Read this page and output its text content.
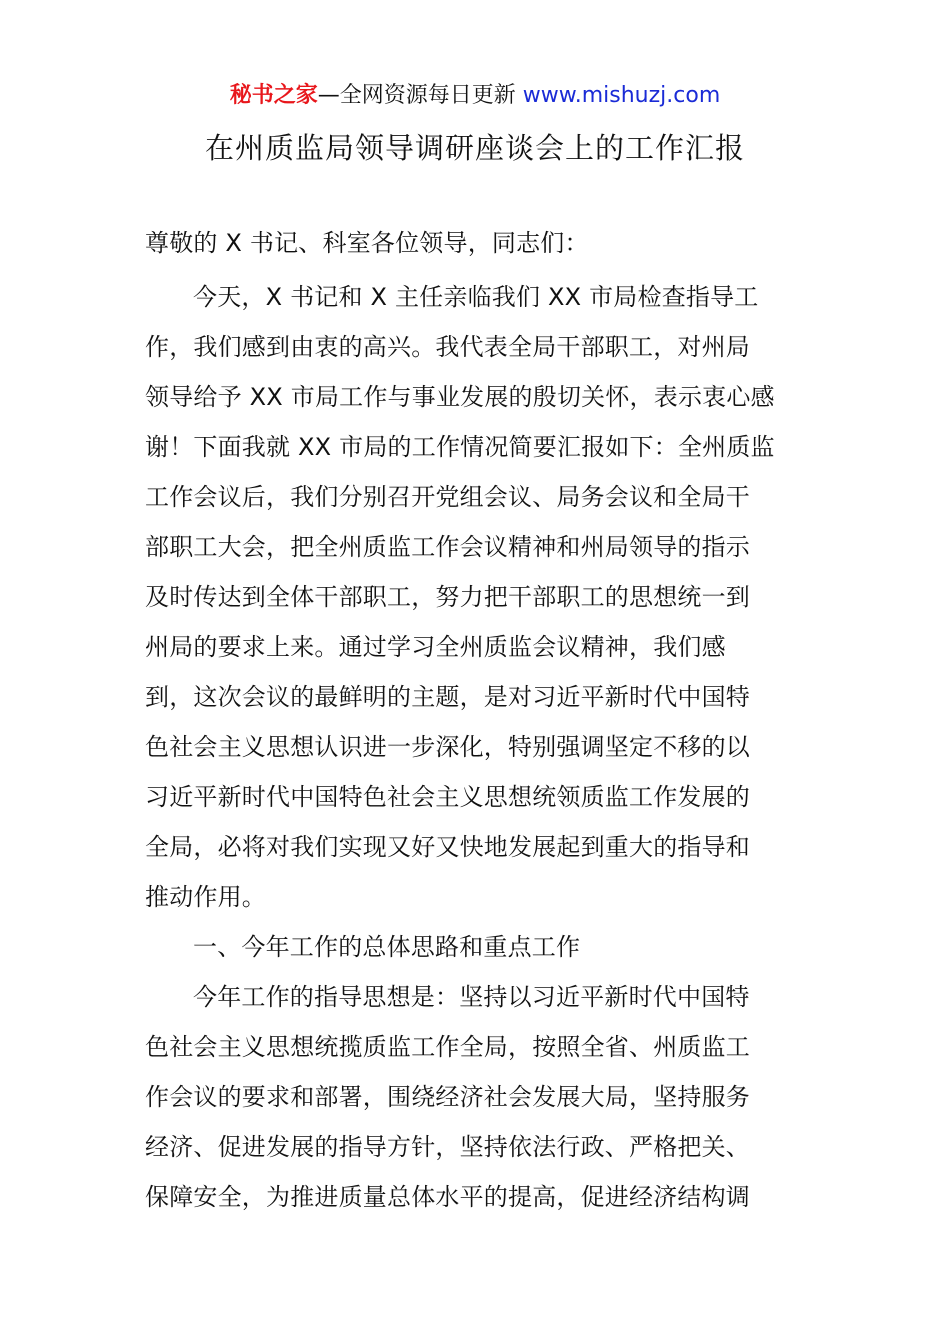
秘书之家—全网资源每日更新 www.mishuzj.com
在州质监局领导调研座谈会上的工作汇报
尊敬的 X 书记、科室各位领导，同志们：
今天，X 书记和 X 主任亲临我们 XX 市局检查指导工
作，我们感到由衷的高兴。我代表全局干部职工，对州局
领导给予 XX 市局工作与事业发展的殷切关怀，表示衷心感
谢！下面我就 XX 市局的工作情况简要汇报如下：全州质监
工作会议后，我们分别召开党组会议、局务会议和全局干
部职工大会，把全州质监工作会议精神和州局领导的指示
及时传达到全体干部职工，努力把干部职工的思想统一到
州局的要求上来。通过学习全州质监会议精神，我们感
到，这次会议的最鲜明的主题，是对习近平新时代中国特
色社会主义思想认识进一步深化，特别强调坚定不移的以
习近平新时代中国特色社会主义思想统领质监工作发展的
全局，必将对我们实现又好又快地发展起到重大的指导和
推动作用。
一、今年工作的总体思路和重点工作
今年工作的指导思想是：坚持以习近平新时代中国特
色社会主义思想统揽质监工作全局，按照全省、州质监工
作会议的要求和部署，围绕经济社会发展大局，坚持服务
经济、促进发展的指导方针，坚持依法行政、严格把关、
保障安全，为推进质量总体水平的提高，促进经济结构调
